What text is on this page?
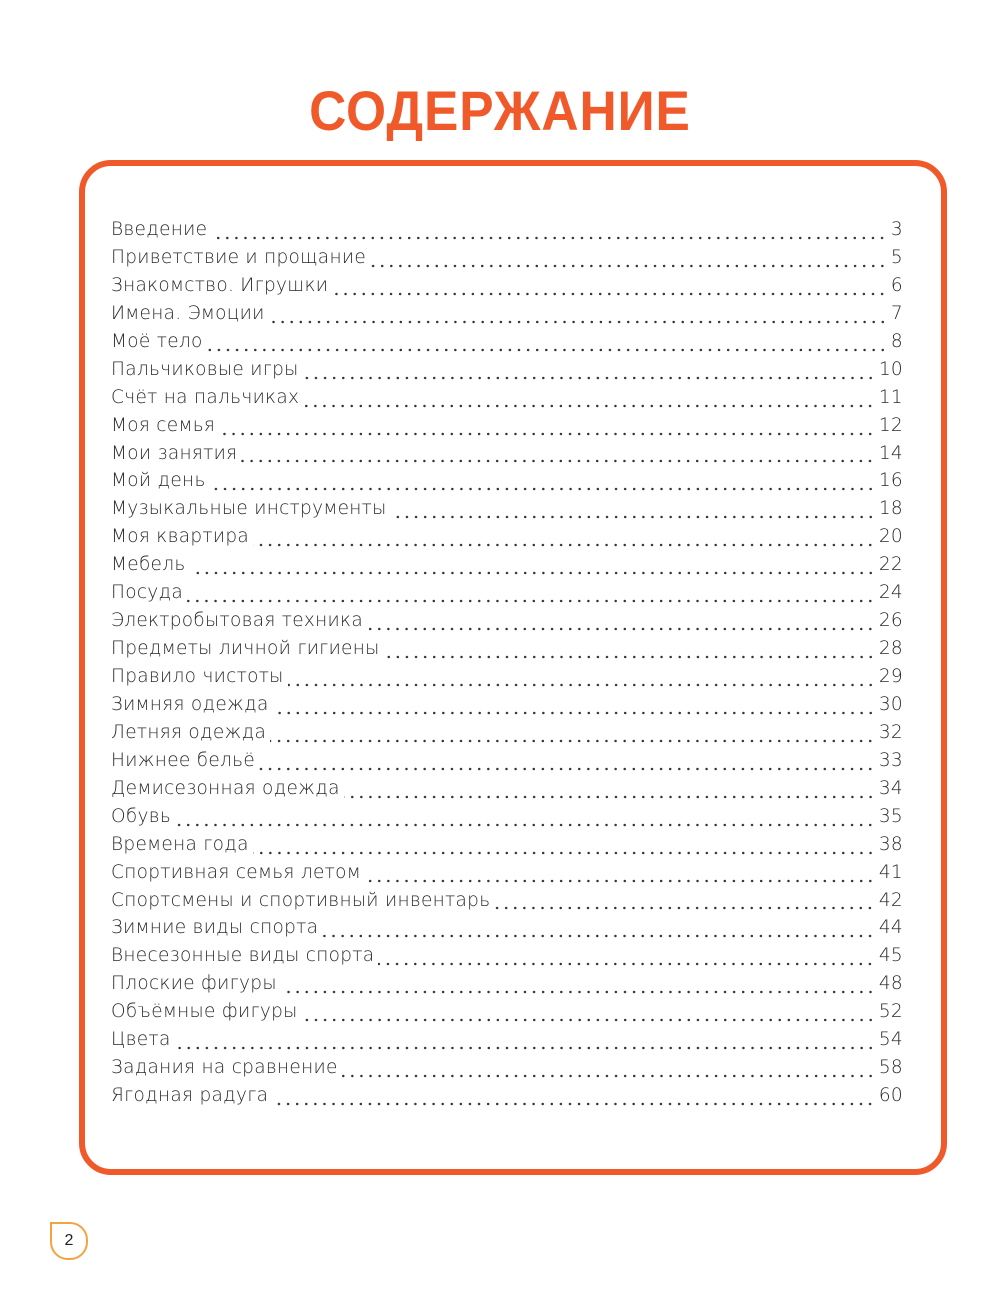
СОДЕРЖАНИЕ
Введение	3
Приветствие и прощание	5
Знакомство. Игрушки	6
Имена. Эмоции	7
Моё тело	8
Пальчиковые игры	10
Счёт на пальчиках	11
Моя семья	12
Мои занятия	14
Мой день	16
Музыкальные инструменты	18
Моя квартира	20
Мебель	22
Посуда	24
Электробытовая техника	26
Предметы личной гигиены	28
Правило чистоты	29
Зимняя одежда	30
Летняя одежда	32
Нижнее бельё	33
Демисезонная одежда	34
Обувь	35
Времена года	38
Спортивная семья летом	41
Спортсмены и спортивный инвентарь	42
Зимние виды спорта	44
Внесезонные виды спорта	45
Плоские фигуры	48
Объёмные фигуры	52
Цвета	54
Задания на сравнение	58
Ягодная радуга	60
2
